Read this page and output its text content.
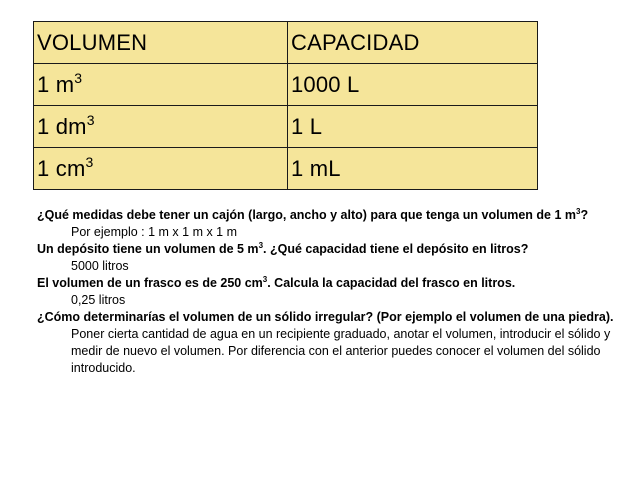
VOLUMEN	CAPACIDAD
1 $m^3$	1000 L
1 $dm^3$	1 L
1 $cm^3$	1 mL

¿Qué medidas debe tener un cajón (largo, ancho y alto) para que tenga un volumen de 1 $m^3$?

Por ejemplo : 1 m x 1 m x 1 m

Un depósito tiene un volumen de 5 $m^3$. ¿Qué capacidad tiene el depósito en litros?

5000 litros

El volumen de un frasco es de 250 $cm^3$. Calcula la capacidad del frasco en litros.

0,25 litros

¿Cómo determinarías el volumen de un sólido irregular? (Por ejemplo el volumen de una piedra).

Poner cierta cantidad de agua en un recipiente graduado, anotar el volumen, introducir el sólido y medir de nuevo el volumen. Por diferencia con el anterior puedes conocer el volumen del sólido introducido.
